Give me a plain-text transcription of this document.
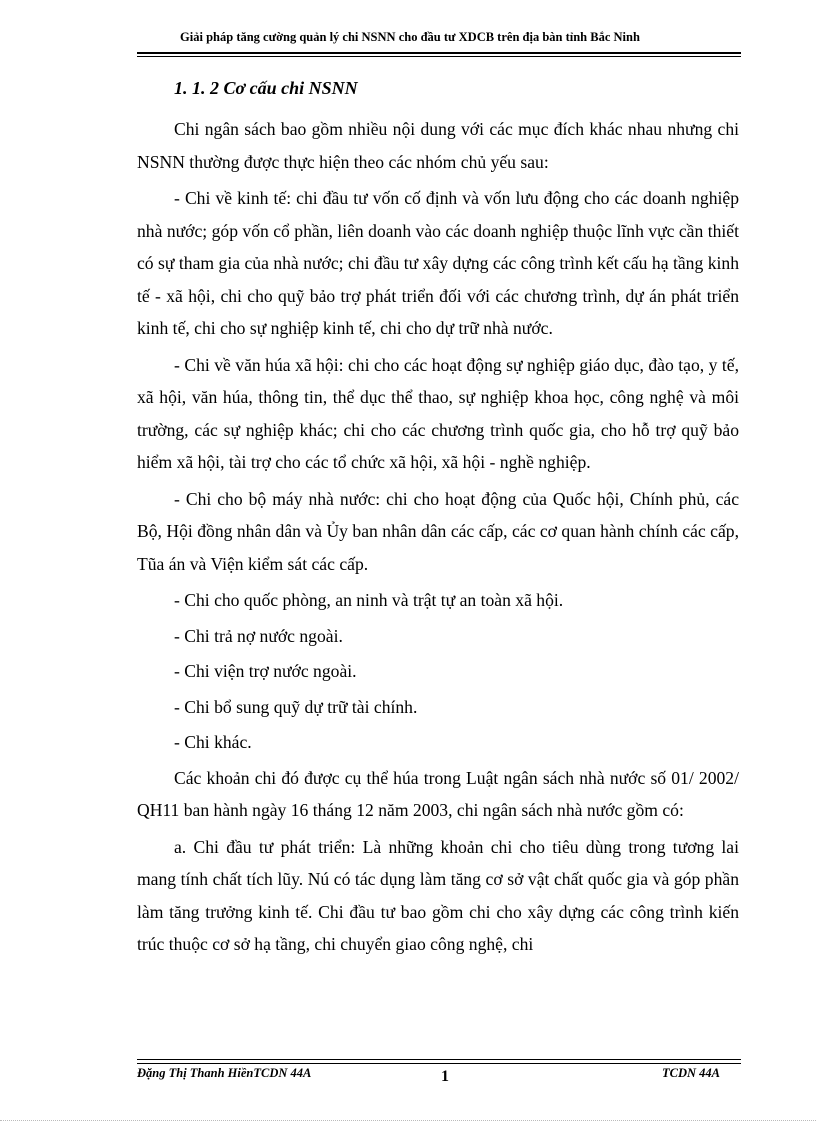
Giải pháp tăng cường quản lý chi NSNN cho đầu tư XDCB trên địa bàn tỉnh Bắc Ninh
1. 1. 2 Cơ cấu chi NSNN

Chi ngân sách bao gồm nhiều nội dung với các mục đích khác nhau nhưng chi NSNN thường được thực hiện theo các nhóm chủ yếu sau:

- Chi về kinh tế: chi đầu tư vốn cố định và vốn lưu động cho các doanh nghiệp nhà nước; góp vốn cổ phần, liên doanh vào các doanh nghiệp thuộc lĩnh vực cần thiết có sự tham gia của nhà nước; chi đầu tư xây dựng các công trình kết cấu hạ tầng kinh tế - xã hội, chi cho quỹ bảo trợ phát triển đối với các chương trình, dự án phát triển kinh tế, chi cho sự nghiệp kinh tế, chi cho dự trữ nhà nước.

- Chi về văn húa xã hội: chi cho các hoạt động sự nghiệp giáo dục, đào tạo, y tế, xã hội, văn húa, thông tin, thể dục thể thao, sự nghiệp khoa học, công nghệ và môi trường, các sự nghiệp khác; chi cho các chương trình quốc gia, cho hỗ trợ quỹ bảo hiểm xã hội, tài trợ cho các tổ chức xã hội, xã hội - nghề nghiệp.

- Chi cho bộ máy nhà nước: chi cho hoạt động của Quốc hội, Chính phủ, các Bộ, Hội đồng nhân dân và Ủy ban nhân dân các cấp, các cơ quan hành chính các cấp, Tũa án và Viện kiểm sát các cấp.

- Chi cho quốc phòng, an ninh và trật tự an toàn xã hội.

- Chi trả nợ nước ngoài.

- Chi viện trợ nước ngoài.

- Chi bổ sung quỹ dự trữ tài chính.

- Chi khác.

Các khoản chi đó được cụ thể húa trong Luật ngân sách nhà nước số 01/ 2002/ QH11 ban hành ngày 16 tháng 12 năm 2003, chi ngân sách nhà nước gồm có:

a. Chi đầu tư phát triển: Là những khoản chi cho tiêu dùng trong tương lai mang tính chất tích lũy. Nú có tác dụng làm tăng cơ sở vật chất quốc gia và góp phần làm tăng trưởng kinh tế. Chi đầu tư bao gồm chi cho xây dựng các công trình kiến trúc thuộc cơ sở hạ tầng, chi chuyển giao công nghệ, chi

Đặng Thị Thanh HiềnTCDN 44A	1	TCDN 44A
